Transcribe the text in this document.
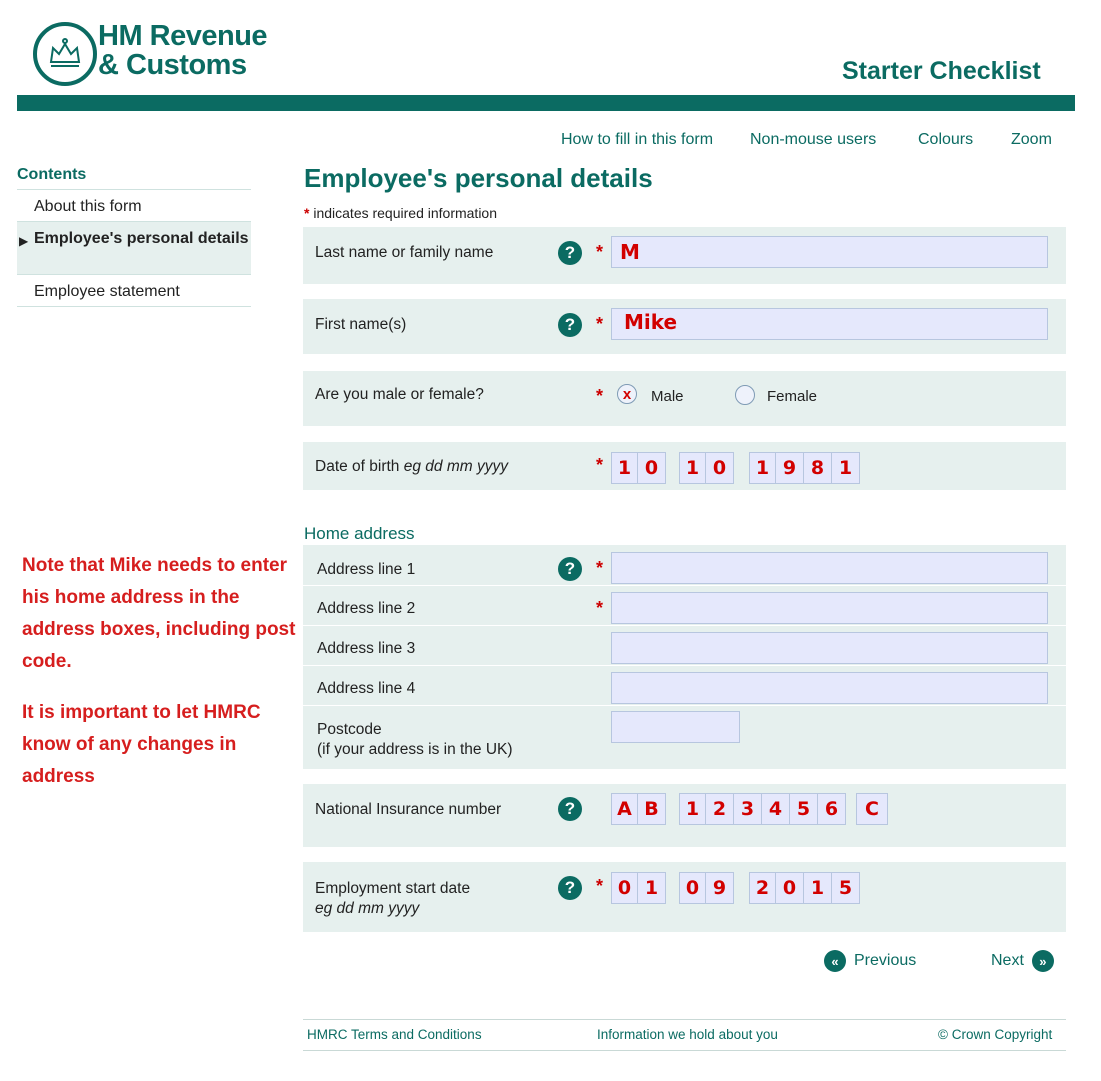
HM Revenue
& Customs	Starter Checklist
How to fill in this form Non-mouse users	Colours Zoom
Contents
About this form
▶ Employee's personal details
Employee statement
Employee's personal details
* indicates required information
Last name or family name	?	* M
First name(s)	?	*	Mike
Are you male or female?	*	x	Male	Female
Date of birth eg dd mm yyyy	* 1 0	1 0	1 9 8 1
Home address
Address line 1	?	*
Address line 2	*
Address line 3
Address line 4
Postcode
(if your address is in the UK)
National Insurance number	?	A B	1 2 3 4 5 6	C
Employment start date
eg dd mm yyyy
?	* 0 1	0 9	2 0 1 5
« Previous	Next	»
Note that Mike needs to enter his home address in the address boxes, including post code.
It is important to let HMRC know of any changes in address
HMRC Terms and Conditions	Information we hold about you	© Crown Copyright
